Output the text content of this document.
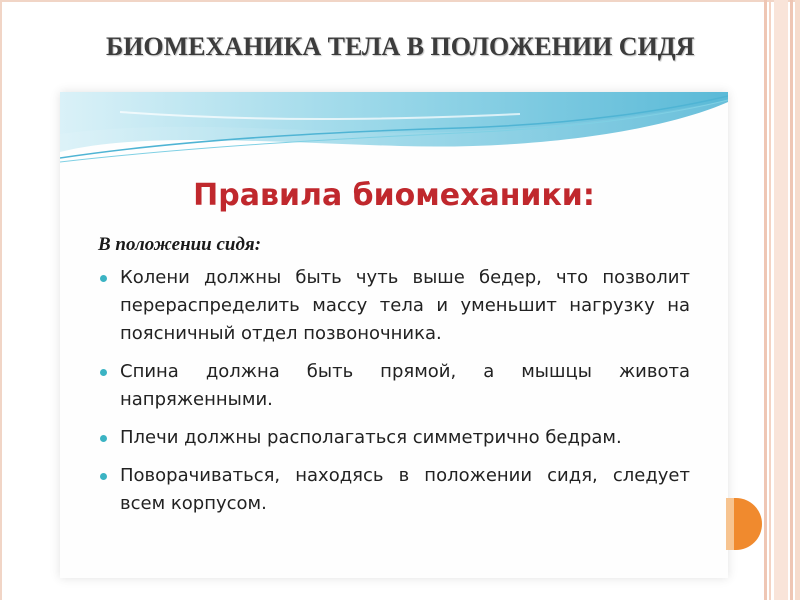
БИОМЕХАНИКА ТЕЛА В ПОЛОЖЕНИИ СИДЯ
Правила биомеханики:

В положении сидя:

Колени должны быть чуть выше бедер, что позволит перераспределить массу тела и уменьшит нагрузку на поясничный отдел позвоночника.
Спина должна быть прямой, а мышцы живота напряженными.
Плечи должны располагаться симметрично бедрам.
Поворачиваться, находясь в положении сидя, следует всем корпусом.
